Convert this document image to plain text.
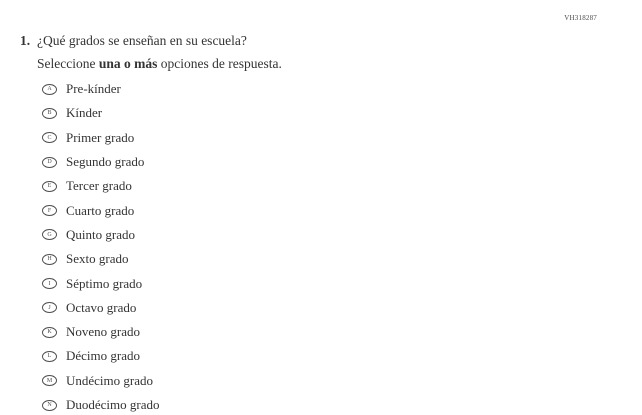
VH318287
1. ¿Qué grados se enseñan en su escuela?
Seleccione una o más opciones de respuesta.
A Pre-kínder
B Kínder
C Primer grado
D Segundo grado
E Tercer grado
F Cuarto grado
G Quinto grado
H Sexto grado
I Séptimo grado
J Octavo grado
K Noveno grado
L Décimo grado
M Undécimo grado
N Duodécimo grado
